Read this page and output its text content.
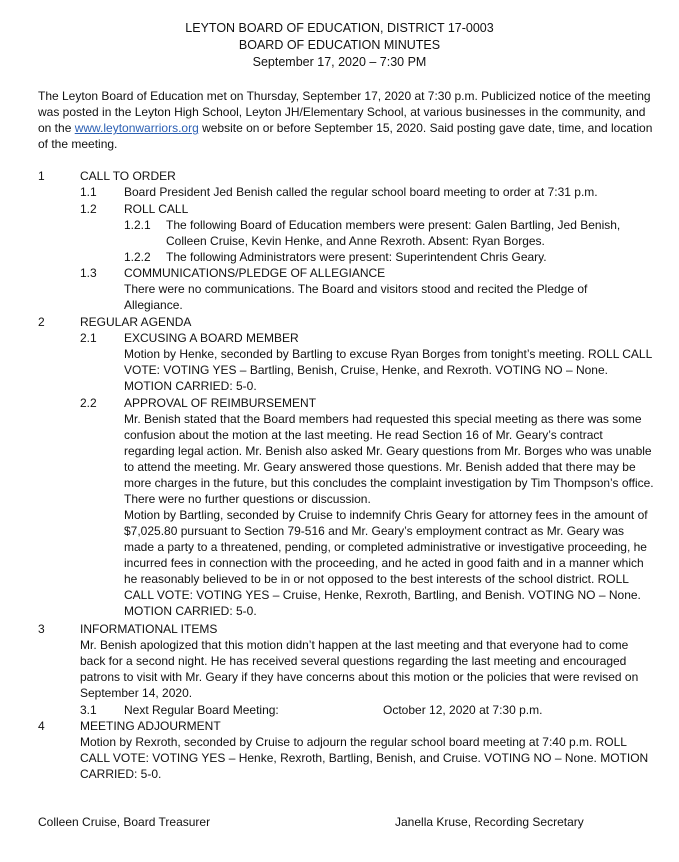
LEYTON BOARD OF EDUCATION, DISTRICT 17-0003
BOARD OF EDUCATION MINUTES
September 17, 2020 – 7:30 PM
The Leyton Board of Education met on Thursday, September 17, 2020 at 7:30 p.m. Publicized notice of the meeting was posted in the Leyton High School, Leyton JH/Elementary School, at various businesses in the community, and on the www.leytonwarriors.org website on or before September 15, 2020. Said posting gave date, time, and location of the meeting.
1	CALL TO ORDER
1.1 Board President Jed Benish called the regular school board meeting to order at 7:31 p.m.
1.2 ROLL CALL
1.2.1 The following Board of Education members were present: Galen Bartling, Jed Benish, Colleen Cruise, Kevin Henke, and Anne Rexroth. Absent: Ryan Borges.
1.2.2 The following Administrators were present: Superintendent Chris Geary.
1.3 COMMUNICATIONS/PLEDGE OF ALLEGIANCE
There were no communications. The Board and visitors stood and recited the Pledge of Allegiance.
2	REGULAR AGENDA
2.1 EXCUSING A BOARD MEMBER
Motion by Henke, seconded by Bartling to excuse Ryan Borges from tonight’s meeting. ROLL CALL VOTE: VOTING YES – Bartling, Benish, Cruise, Henke, and Rexroth. VOTING NO – None. MOTION CARRIED: 5-0.
2.2 APPROVAL OF REIMBURSEMENT
Mr. Benish stated that the Board members had requested this special meeting as there was some confusion about the motion at the last meeting. He read Section 16 of Mr. Geary’s contract regarding legal action. Mr. Benish also asked Mr. Geary questions from Mr. Borges who was unable to attend the meeting. Mr. Geary answered those questions. Mr. Benish added that there may be more charges in the future, but this concludes the complaint investigation by Tim Thompson’s office. There were no further questions or discussion.
Motion by Bartling, seconded by Cruise to indemnify Chris Geary for attorney fees in the amount of $7,025.80 pursuant to Section 79-516 and Mr. Geary’s employment contract as Mr. Geary was made a party to a threatened, pending, or completed administrative or investigative proceeding, he incurred fees in connection with the proceeding, and he acted in good faith and in a manner which he reasonably believed to be in or not opposed to the best interests of the school district. ROLL CALL VOTE: VOTING YES – Cruise, Henke, Rexroth, Bartling, and Benish. VOTING NO – None. MOTION CARRIED: 5-0.
3	INFORMATIONAL ITEMS
Mr. Benish apologized that this motion didn’t happen at the last meeting and that everyone had to come back for a second night. He has received several questions regarding the last meeting and encouraged patrons to visit with Mr. Geary if they have concerns about this motion or the policies that were revised on September 14, 2020.
3.1 Next Regular Board Meeting:	October 12, 2020 at 7:30 p.m.
4	MEETING ADJOURMENT
Motion by Rexroth, seconded by Cruise to adjourn the regular school board meeting at 7:40 p.m. ROLL CALL VOTE: VOTING YES – Henke, Rexroth, Bartling, Benish, and Cruise. VOTING NO – None. MOTION CARRIED: 5-0.
Colleen Cruise, Board Treasurer	Janella Kruse, Recording Secretary
